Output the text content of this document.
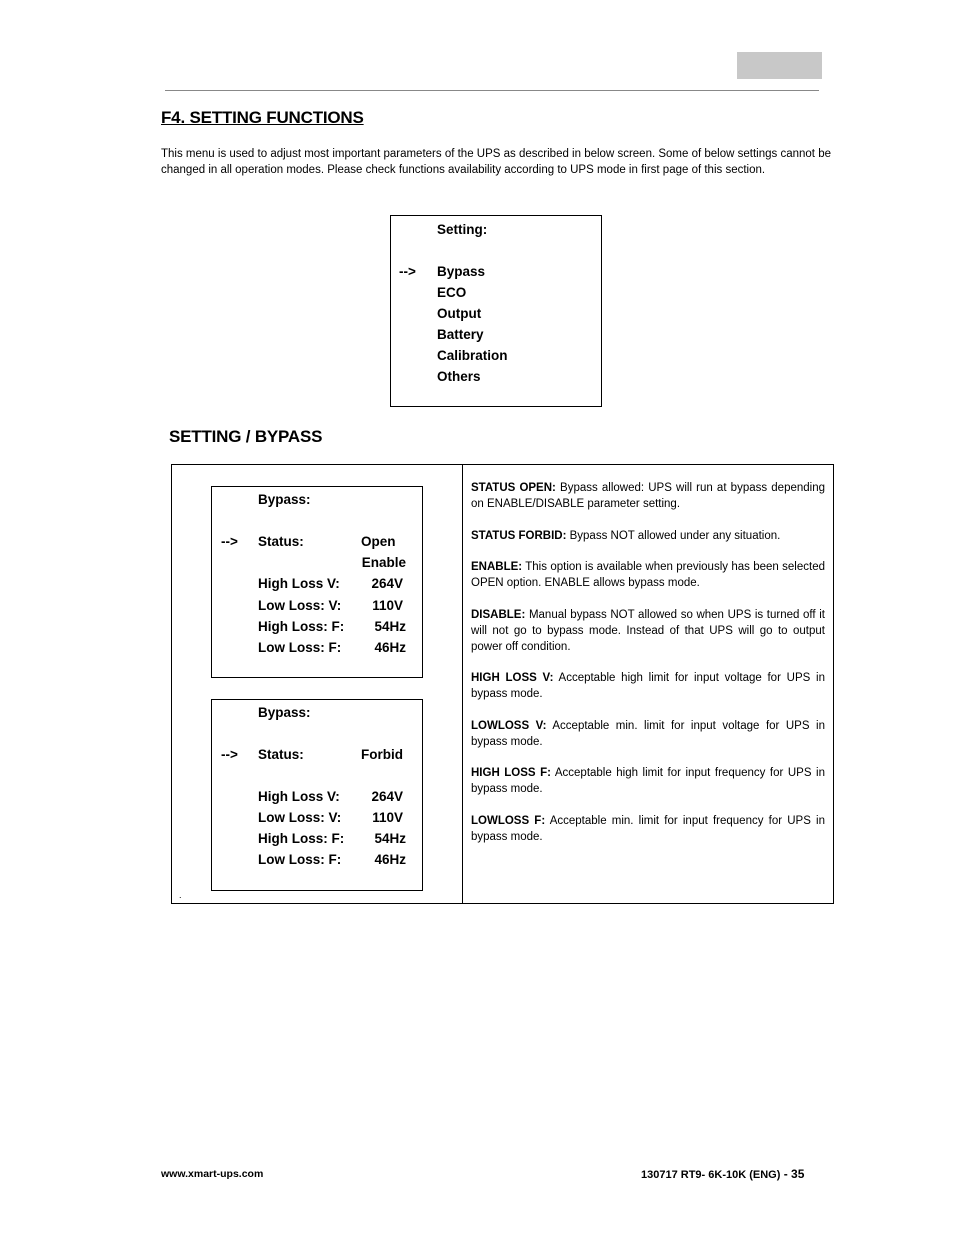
F4. SETTING FUNCTIONS

This menu is used to adjust most important parameters of the UPS as described in below screen. Some of below settings cannot be changed in all operation modes. Please check functions availability according to UPS mode in first page of this section.

Setting:
--> Bypass
ECO
Output
Battery
Calibration
Others
SETTING / BYPASS
.
Bypass:
--> Status:	Open
Enable
High Loss V:	264V
Low Loss: V:	110V
High Loss: F:	54Hz
Low Loss: F:	46Hz
Bypass:
--> Status:	Forbid
High Loss V:	264V
Low Loss: V:	110V
High Loss: F:	54Hz
Low Loss: F:	46Hz

STATUS OPEN: Bypass allowed: UPS will run at bypass depending on ENABLE/DISABLE parameter setting.

STATUS FORBID: Bypass NOT allowed under any situation.

ENABLE: This option is available when previously has been selected OPEN option. ENABLE allows bypass mode.

DISABLE: Manual bypass NOT allowed so when UPS is turned off it will not go to bypass mode. Instead of that UPS will go to output power off condition.

HIGH LOSS V: Acceptable high limit for input voltage for UPS in bypass mode.

LOWLOSS V: Acceptable min. limit for input voltage for UPS in bypass mode.

HIGH LOSS F: Acceptable high limit for input frequency for UPS in bypass mode.

LOWLOSS F: Acceptable min. limit for input frequency for UPS in bypass mode.

www.xmart-ups.com	130717 RT9- 6K-10K (ENG) - 35
